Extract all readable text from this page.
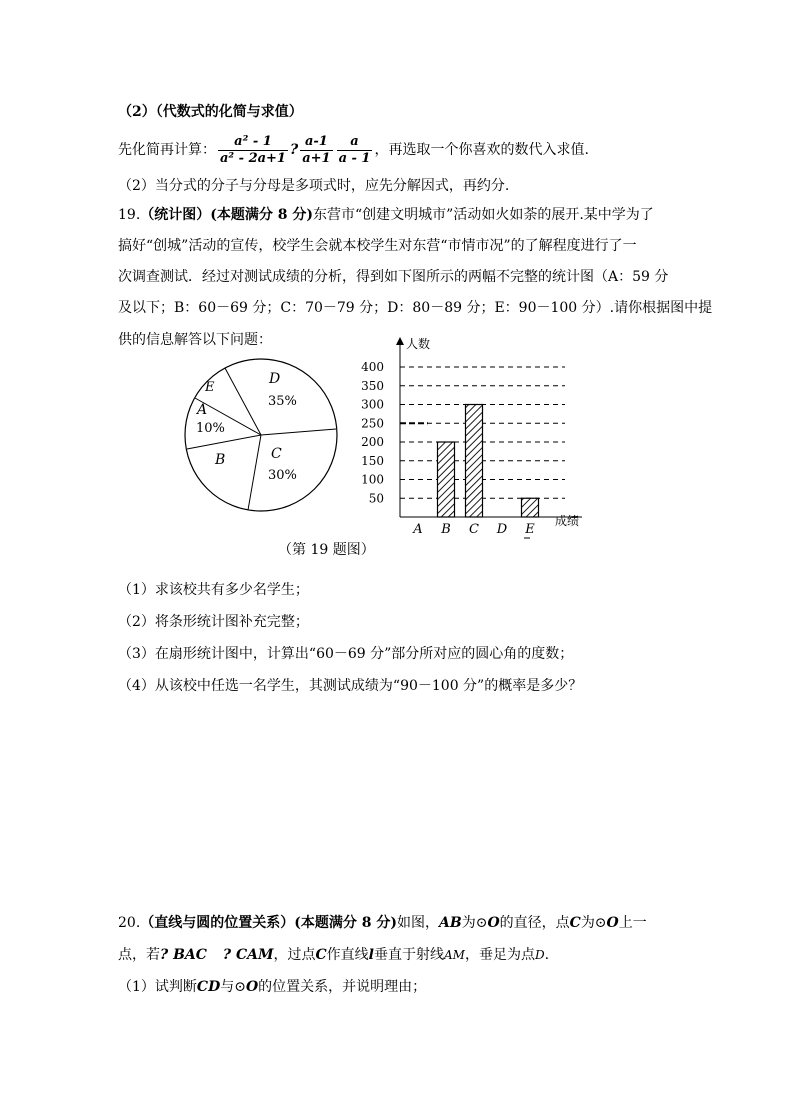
（2）（代数式的化简与求值）
先化简再计算： $\frac{\text{a² - 1}}{\text{a² - 2a+1}}$ ? $\frac{a-1}{a+1} \frac{a}{a - 1}$ ，再选取一个你喜欢的数代入求值.
（2）当分式的分子与分母是多项式时，应先分解因式，再约分.
19.（统计图）(本题满分 8 分)东营市“创建文明城市”活动如火如荼的展开.某中学为了
搞好“创城”活动的宣传，校学生会就本校学生对东营“市情市况”的了解程度进行了一
次调查测试．经过对测试成绩的分析，得到如下图所示的两幅不完整的统计图（A：59 分
及以下；B：60－69 分；C：70－79 分；D：80－89 分；E：90－100 分）.请你根据图中提
供的信息解答以下问题：
D
35%
C
30%
B
A
10%
E
人数
成绩
50
100
150
200
250
300
350
400
A B C D E
（第 19 题图）
（1）求该校共有多少名学生；
（2）将条形统计图补充完整；
（3）在扇形统计图中，计算出“60－69 分”部分所对应的圆心角的度数；
（4）从该校中任选一名学生，其测试成绩为“90－100 分”的概率是多少？
20.（直线与圆的位置关系）(本题满分 8 分)如图，AB为⊙O的直径，点C为⊙O上一
点，若? BAC ? CAM，过点C作直线l垂直于射线AM，垂足为点D.
（1）试判断CD与⊙O的位置关系，并说明理由；
